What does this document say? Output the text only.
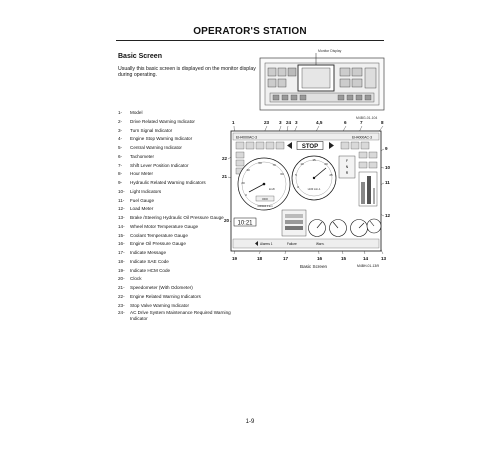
OPERATOR'S STATION
Basic Screen
Usually this basic screen is displayed on the monitor display during operating.
Monitor Display
M4BG-01-104
1- Model
2- Drive Related Warning Indicator
3- Turn Signal Indicator
4- Engine Stop Warning Indicator
5- Central Warning Indicator
6- Tachometer
7- Shift Lever Position Indicator
8- Hour Meter
9- Hydraulic Related Warning Indicators
10- Light Indicators
11- Fuel Gauge
12- Load Meter
13- Brake /Steering Hydraulic Oil Pressure Gauge
14- Wheel Motor Temperature Gauge
15- Coolant Temperature Gauge
16- Engine Oil Pressure Gauge
17- Indicate Message
18- Indicate SAE Code
19- Indicate HCM Code
20- Clock
21- Speedometer (With Odometer)
22- Engine Related Warning Indicators
23- Stop Valve Warning Indicator
24- AC Drive System Maintenance Required Warning Indicator
1	23 3 24 3	4,5	6	7	8
22
21
20
9
10
11
12
19	18	17	16	15	14	13
EH4000AC-3	EH4000AC-3
STOP
0
20
40
60	70
60
km/h
ODO
000000.0 km
0
5
10
15
20
25
x100 min-1
F
N
R
10:21
Alarms 1	Failure	Warn.
Basic Screen	M4BH-01-13/9
1-9
